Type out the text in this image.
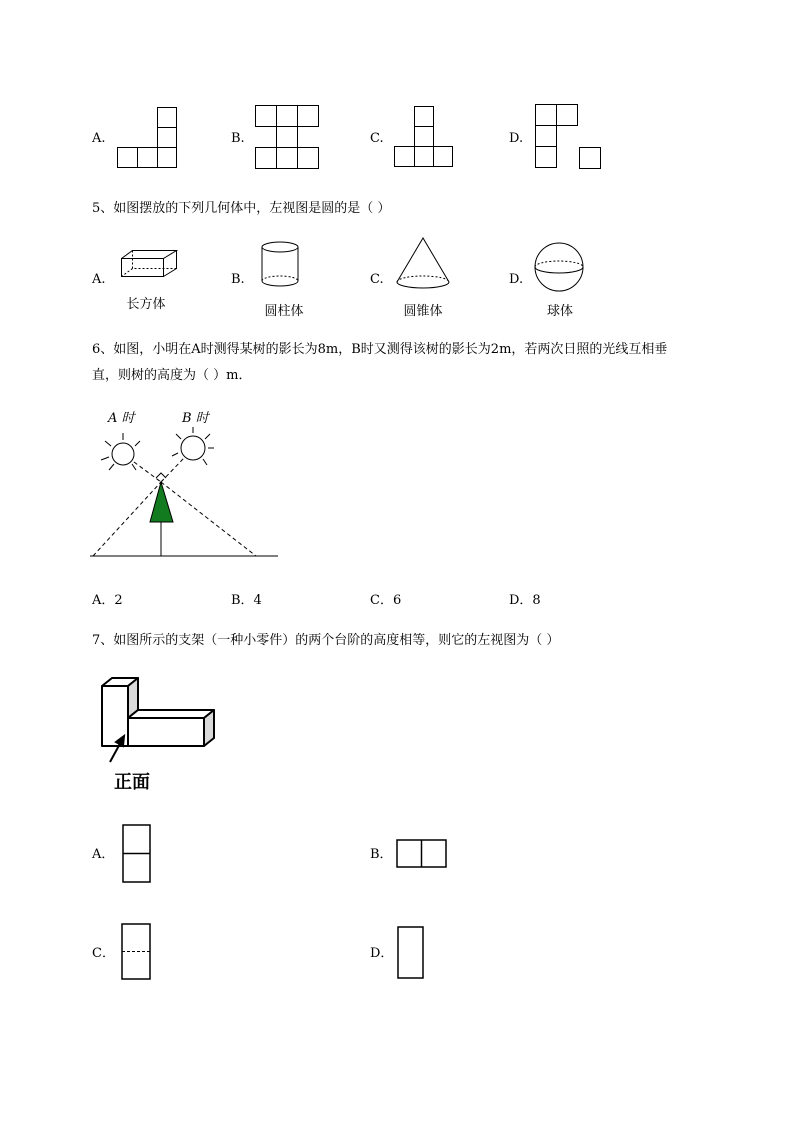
A.	B.	C.	D.
5、如图摆放的下列几何体中，左视图是圆的是（ ）
A.
长方体
B.
圆柱体
C.
圆锥体
D.
球体
6、如图，小明在A时测得某树的影长为8m，B时又测得该树的影长为2m，若两次日照的光线互相垂
直，则树的高度为（ ）m．
A 时	B 时
A．2	B．4	C．6	D．8
7、如图所示的支架（一种小零件）的两个台阶的高度相等，则它的左视图为（ ）
正面
A．	B．
C．	D．
